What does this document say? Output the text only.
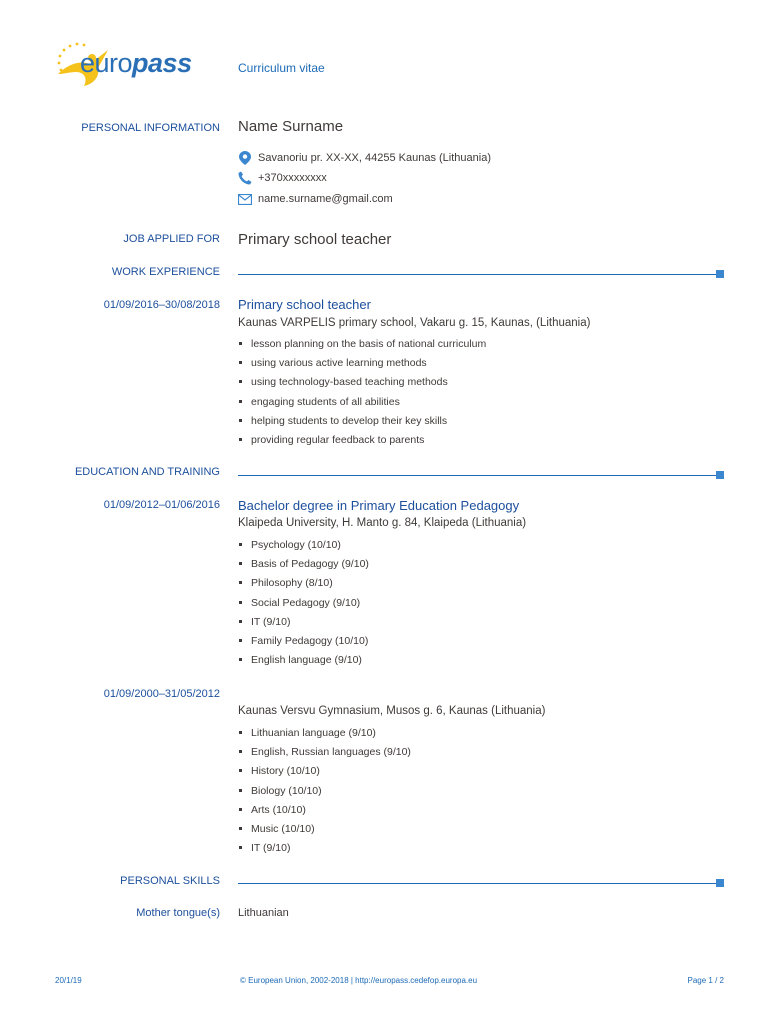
europass	Curriculum vitae
PERSONAL INFORMATION Name Surname
Savanoriu pr. XX-XX, 44255 Kaunas (Lithuania)
+370xxxxxxxx
name.surname@gmail.com
JOB APPLIED FOR Primary school teacher
WORK EXPERIENCE
01/09/2016–30/08/2018 Primary school teacher
Kaunas VARPELIS primary school, Vakaru g. 15, Kaunas, (Lithuania)
lesson planning on the basis of national curriculum
using various active learning methods
using technology-based teaching methods
engaging students of all abilities
helping students to develop their key skills
providing regular feedback to parents
EDUCATION AND TRAINING
01/09/2012–01/06/2016 Bachelor degree in Primary Education Pedagogy
Klaipeda University, H. Manto g. 84, Klaipeda (Lithuania)
Psychology (10/10)
Basis of Pedagogy (9/10)
Philosophy (8/10)
Social Pedagogy (9/10)
IT (9/10)
Family Pedagogy (10/10)
English language (9/10)
01/09/2000–31/05/2012
Kaunas Versvu Gymnasium, Musos g. 6, Kaunas (Lithuania)
Lithuanian language (9/10)
English, Russian languages (9/10)
History (10/10)
Biology (10/10)
Arts (10/10)
Music (10/10)
IT (9/10)
PERSONAL SKILLS
Mother tongue(s) Lithuanian
20/1/19	© European Union, 2002-2018 | http://europass.cedefop.europa.eu	Page 1 / 2
